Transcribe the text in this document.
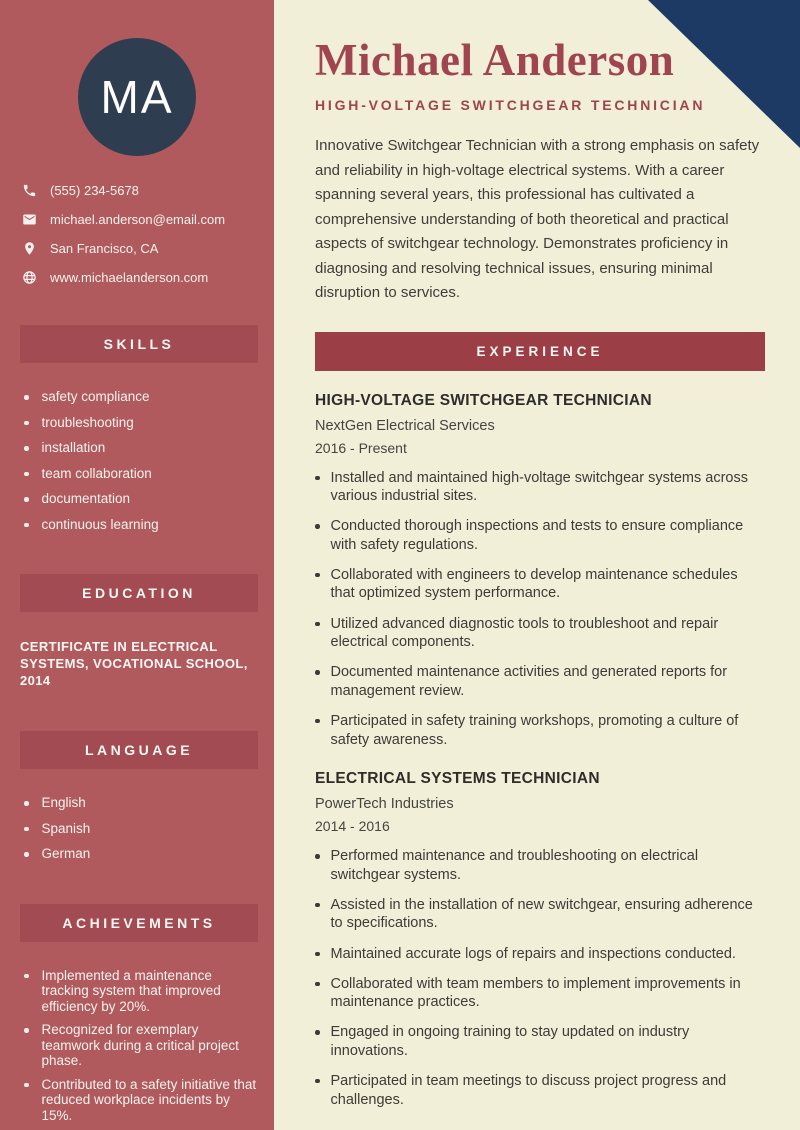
MA
(555) 234-5678
michael.anderson@email.com
San Francisco, CA
www.michaelanderson.com
SKILLS
safety compliance
troubleshooting
installation
team collaboration
documentation
continuous learning
EDUCATION

CERTIFICATE IN ELECTRICAL SYSTEMS, VOCATIONAL SCHOOL, 2014

LANGUAGE
English
Spanish
German
ACHIEVEMENTS
Implemented a maintenance tracking system that improved efficiency by 20%.
Recognized for exemplary teamwork during a critical project phase.
Contributed to a safety initiative that reduced workplace incidents by 15%.
Michael Anderson
HIGH-VOLTAGE SWITCHGEAR TECHNICIAN

Innovative Switchgear Technician with a strong emphasis on safety and reliability in high-voltage electrical systems. With a career spanning several years, this professional has cultivated a comprehensive understanding of both theoretical and practical aspects of switchgear technology. Demonstrates proficiency in diagnosing and resolving technical issues, ensuring minimal disruption to services.

EXPERIENCE
HIGH-VOLTAGE SWITCHGEAR TECHNICIAN
NextGen Electrical Services
2016 - Present
Installed and maintained high-voltage switchgear systems across various industrial sites.
Conducted thorough inspections and tests to ensure compliance with safety regulations.
Collaborated with engineers to develop maintenance schedules that optimized system performance.
Utilized advanced diagnostic tools to troubleshoot and repair electrical components.
Documented maintenance activities and generated reports for management review.
Participated in safety training workshops, promoting a culture of safety awareness.
ELECTRICAL SYSTEMS TECHNICIAN
PowerTech Industries
2014 - 2016
Performed maintenance and troubleshooting on electrical switchgear systems.
Assisted in the installation of new switchgear, ensuring adherence to specifications.
Maintained accurate logs of repairs and inspections conducted.
Collaborated with team members to implement improvements in maintenance practices.
Engaged in ongoing training to stay updated on industry innovations.
Participated in team meetings to discuss project progress and challenges.
